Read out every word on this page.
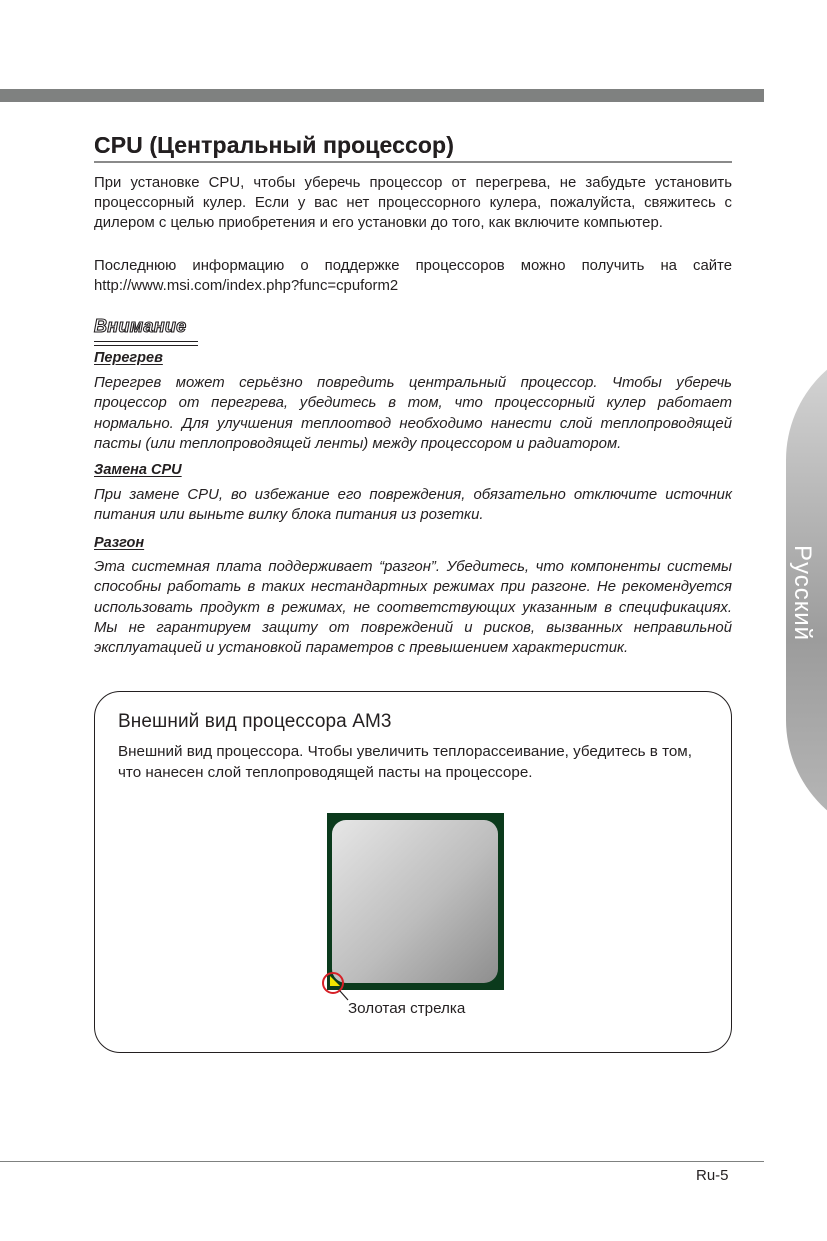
Русский
CPU (Центральный процессор)

При установке CPU, чтобы уберечь процессор от перегрева, не забудьте установить процессорный кулер. Если у вас нет процессорного кулера, пожалуйста, свяжитесь с дилером с целью приобретения и его установки до того, как включите компьютер.

Последнюю информацию о поддержке процессоров можно получить на сайте http://www.msi.com/index.php?func=cpuform2

Внимание
Перегрев

Перегрев может серьёзно повредить центральный процессор. Чтобы уберечь процессор от перегрева, убедитесь в том, что процессорный кулер работает нормально. Для улучшения теплоотвод необходимо нанести слой теплопроводящей пасты (или теплопроводящей ленты) между процессором и радиатором.

Замена CPU

При замене CPU, во избежание его повреждения, обязательно отключите источник питания или выньте вилку блока питания из розетки.

Разгон

Эта системная плата поддерживает “разгон”. Убедитесь, что компоненты системы способны работать в таких нестандартных режимах при разгоне. Не рекомендуется использовать продукт в режимах, не соответствующих указанным в спецификациях. Мы не гарантируем защиту от повреждений и рисков, вызванных неправильной эксплуатацией и установкой параметров с превышением характеристик.

Внешний вид процессора AM3

Внешний вид процессора. Чтобы увеличить теплорассеивание, убедитесь в том, что нанесен слой теплопроводящей пасты на процессоре.

Золотая стрелка
Ru-5
